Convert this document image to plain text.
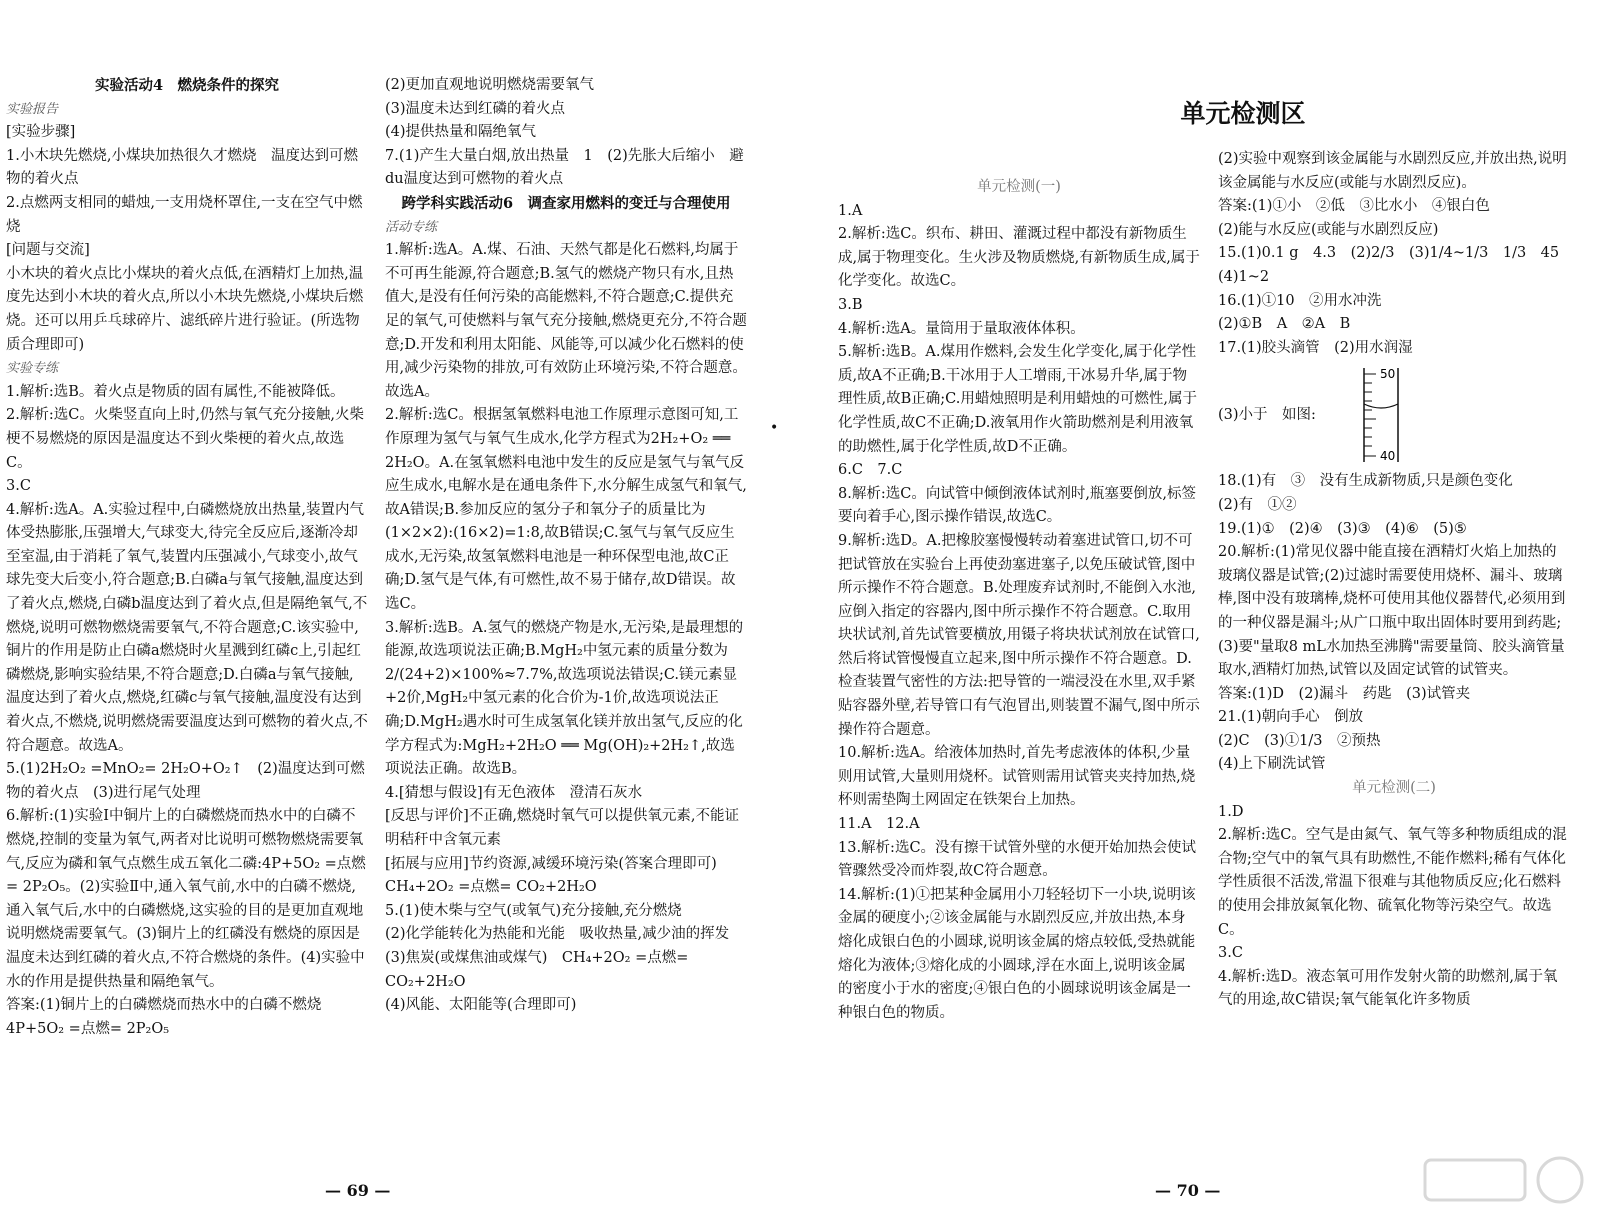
实验活动4　燃烧条件的探究

实验报告

[实验步骤]

1.小木块先燃烧,小煤块加热很久才燃烧　温度达到可燃物的着火点

2.点燃两支相同的蜡烛,一支用烧杯罩住,一支在空气中燃烧

[问题与交流]

小木块的着火点比小煤块的着火点低,在酒精灯上加热,温度先达到小木块的着火点,所以小木块先燃烧,小煤块后燃烧。还可以用乒乓球碎片、滤纸碎片进行验证。(所选物质合理即可)

实验专练

1.解析:选B。着火点是物质的固有属性,不能被降低。

2.解析:选C。火柴竖直向上时,仍然与氧气充分接触,火柴梗不易燃烧的原因是温度达不到火柴梗的着火点,故选C。

3.C

4.解析:选A。A.实验过程中,白磷燃烧放出热量,装置内气体受热膨胀,压强增大,气球变大,待完全反应后,逐渐冷却至室温,由于消耗了氧气,装置内压强减小,气球变小,故气球先变大后变小,符合题意;B.白磷a与氧气接触,温度达到了着火点,燃烧,白磷b温度达到了着火点,但是隔绝氧气,不燃烧,说明可燃物燃烧需要氧气,不符合题意;C.该实验中,铜片的作用是防止白磷a燃烧时火星溅到红磷c上,引起红磷燃烧,影响实验结果,不符合题意;D.白磷a与氧气接触,温度达到了着火点,燃烧,红磷c与氧气接触,温度没有达到着火点,不燃烧,说明燃烧需要温度达到可燃物的着火点,不符合题意。故选A。

5.(1)2H₂O₂ =MnO₂= 2H₂O+O₂↑　(2)温度达到可燃物的着火点　(3)进行尾气处理

6.解析:(1)实验Ⅰ中铜片上的白磷燃烧而热水中的白磷不燃烧,控制的变量为氧气,两者对比说明可燃物燃烧需要氧气,反应为磷和氧气点燃生成五氧化二磷:4P+5O₂ =点燃= 2P₂O₅。(2)实验Ⅱ中,通入氧气前,水中的白磷不燃烧,通入氧气后,水中的白磷燃烧,这实验的目的是更加直观地说明燃烧需要氧气。(3)铜片上的红磷没有燃烧的原因是温度未达到红磷的着火点,不符合燃烧的条件。(4)实验中水的作用是提供热量和隔绝氧气。

答案:(1)铜片上的白磷燃烧而热水中的白磷不燃烧　4P+5O₂ =点燃= 2P₂O₅

(2)更加直观地说明燃烧需要氧气

(3)温度未达到红磷的着火点

(4)提供热量和隔绝氧气

7.(1)产生大量白烟,放出热量　1　(2)先胀大后缩小　避du温度达到可燃物的着火点

跨学科实践活动6　调查家用燃料的变迁与合理使用

活动专练

1.解析:选A。A.煤、石油、天然气都是化石燃料,均属于不可再生能源,符合题意;B.氢气的燃烧产物只有水,且热值大,是没有任何污染的高能燃料,不符合题意;C.提供充足的氧气,可使燃料与氧气充分接触,燃烧更充分,不符合题意;D.开发和利用太阳能、风能等,可以减少化石燃料的使用,减少污染物的排放,可有效防止环境污染,不符合题意。故选A。

2.解析:选C。根据氢氧燃料电池工作原理示意图可知,工作原理为氢气与氧气生成水,化学方程式为2H₂+O₂ ══ 2H₂O。A.在氢氧燃料电池中发生的反应是氢气与氧气反应生成水,电解水是在通电条件下,水分解生成氢气和氧气,故A错误;B.参加反应的氢分子和氧分子的质量比为(1×2×2):(16×2)=1:8,故B错误;C.氢气与氧气反应生成水,无污染,故氢氧燃料电池是一种环保型电池,故C正确;D.氢气是气体,有可燃性,故不易于储存,故D错误。故选C。

3.解析:选B。A.氢气的燃烧产物是水,无污染,是最理想的能源,故选项说法正确;B.MgH₂中氢元素的质量分数为2/(24+2)×100%≈7.7%,故选项说法错误;C.镁元素显+2价,MgH₂中氢元素的化合价为-1价,故选项说法正确;D.MgH₂遇水时可生成氢氧化镁并放出氢气,反应的化学方程式为:MgH₂+2H₂O ══ Mg(OH)₂+2H₂↑,故选项说法正确。故选B。

4.[猜想与假设]有无色液体　澄清石灰水

[反思与评价]不正确,燃烧时氧气可以提供氧元素,不能证明秸秆中含氧元素

[拓展与应用]节约资源,减缓环境污染(答案合理即可)　CH₄+2O₂ =点燃= CO₂+2H₂O

5.(1)使木柴与空气(或氧气)充分接触,充分燃烧

(2)化学能转化为热能和光能　吸收热量,减少油的挥发

(3)焦炭(或煤焦油或煤气)　CH₄+2O₂ =点燃= CO₂+2H₂O

(4)风能、太阳能等(合理即可)

•
单元检测区

单元检测(一)

1.A

2.解析:选C。织布、耕田、灌溉过程中都没有新物质生成,属于物理变化。生火涉及物质燃烧,有新物质生成,属于化学变化。故选C。

3.B

4.解析:选A。量筒用于量取液体体积。

5.解析:选B。A.煤用作燃料,会发生化学变化,属于化学性质,故A不正确;B.干冰用于人工增雨,干冰易升华,属于物理性质,故B正确;C.用蜡烛照明是利用蜡烛的可燃性,属于化学性质,故C不正确;D.液氧用作火箭助燃剂是利用液氧的助燃性,属于化学性质,故D不正确。

6.C　7.C

8.解析:选C。向试管中倾倒液体试剂时,瓶塞要倒放,标签要向着手心,图示操作错误,故选C。

9.解析:选D。A.把橡胶塞慢慢转动着塞进试管口,切不可把试管放在实验台上再使劲塞进塞子,以免压破试管,图中所示操作不符合题意。B.处理废弃试剂时,不能倒入水池,应倒入指定的容器内,图中所示操作不符合题意。C.取用块状试剂,首先试管要横放,用镊子将块状试剂放在试管口,然后将试管慢慢直立起来,图中所示操作不符合题意。D.检查装置气密性的方法:把导管的一端浸没在水里,双手紧贴容器外壁,若导管口有气泡冒出,则装置不漏气,图中所示操作符合题意。

10.解析:选A。给液体加热时,首先考虑液体的体积,少量则用试管,大量则用烧杯。试管则需用试管夹夹持加热,烧杯则需垫陶土网固定在铁架台上加热。

11.A　12.A

13.解析:选C。没有擦干试管外壁的水便开始加热会使试管骤然受冷而炸裂,故C符合题意。

14.解析:(1)①把某种金属用小刀轻轻切下一小块,说明该金属的硬度小;②该金属能与水剧烈反应,并放出热,本身熔化成银白色的小圆球,说明该金属的熔点较低,受热就能熔化为液体;③熔化成的小圆球,浮在水面上,说明该金属的密度小于水的密度;④银白色的小圆球说明该金属是一种银白色的物质。

(2)实验中观察到该金属能与水剧烈反应,并放出热,说明该金属能与水反应(或能与水剧烈反应)。

答案:(1)①小　②低　③比水小　④银白色

(2)能与水反应(或能与水剧烈反应)

15.(1)0.1 g　4.3　(2)2/3　(3)1/4~1/3　1/3　45

(4)1~2

16.(1)①10　②用水冲洗

(2)①B　A　②A　B

17.(1)胶头滴管　(2)用水润湿

(3)小于　如图:

50
40

18.(1)有　③　没有生成新物质,只是颜色变化

(2)有　①②

19.(1)①　(2)④　(3)③　(4)⑥　(5)⑤

20.解析:(1)常见仪器中能直接在酒精灯火焰上加热的玻璃仪器是试管;(2)过滤时需要使用烧杯、漏斗、玻璃棒,图中没有玻璃棒,烧杯可使用其他仪器替代,必须用到的一种仪器是漏斗;从广口瓶中取出固体时要用到药匙;(3)要"量取8 mL水加热至沸腾"需要量筒、胶头滴管量取水,酒精灯加热,试管以及固定试管的试管夹。

答案:(1)D　(2)漏斗　药匙　(3)试管夹

21.(1)朝向手心　倒放

(2)C　(3)①1/3　②预热

(4)上下刷洗试管

单元检测(二)

1.D

2.解析:选C。空气是由氮气、氧气等多种物质组成的混合物;空气中的氧气具有助燃性,不能作燃料;稀有气体化学性质很不活泼,常温下很难与其他物质反应;化石燃料的使用会排放氮氧化物、硫氧化物等污染空气。故选C。

3.C

4.解析:选D。液态氧可用作发射火箭的助燃剂,属于氧气的用途,故C错误;氧气能氧化许多物质

— 69 —	— 70 —
